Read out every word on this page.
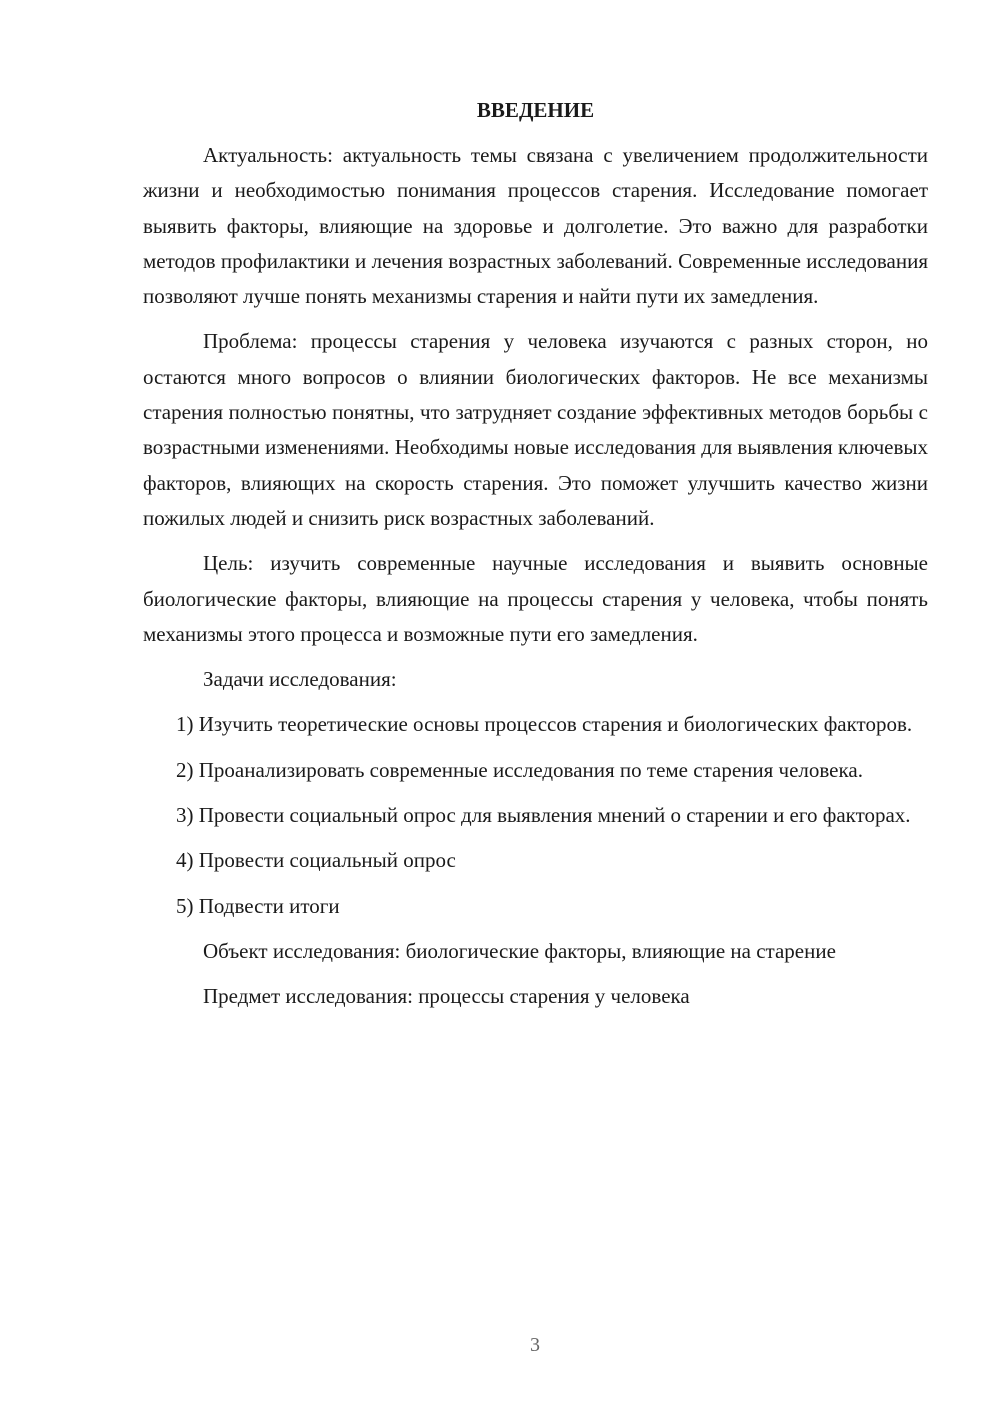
ВВЕДЕНИЕ

Актуальность: актуальность темы связана с увеличением продолжительности жизни и необходимостью понимания процессов старения. Исследование помогает выявить факторы, влияющие на здоровье и долголетие. Это важно для разработки методов профилактики и лечения возрастных заболеваний. Современные исследования позволяют лучше понять механизмы старения и найти пути их замедления.

Проблема: процессы старения у человека изучаются с разных сторон, но остаются много вопросов о влиянии биологических факторов. Не все механизмы старения полностью понятны, что затрудняет создание эффективных методов борьбы с возрастными изменениями. Необходимы новые исследования для выявления ключевых факторов, влияющих на скорость старения. Это поможет улучшить качество жизни пожилых людей и снизить риск возрастных заболеваний.

Цель: изучить современные научные исследования и выявить основные биологические факторы, влияющие на процессы старения у человека, чтобы понять механизмы этого процесса и возможные пути его замедления.

Задачи исследования:

1) Изучить теоретические основы процессов старения и биологических факторов.

2) Проанализировать современные исследования по теме старения человека.

3) Провести социальный опрос для выявления мнений о старении и его факторах.

4) Провести социальный опрос

5) Подвести итоги

Объект исследования: биологические факторы, влияющие на старение

Предмет исследования: процессы старения у человека

3
